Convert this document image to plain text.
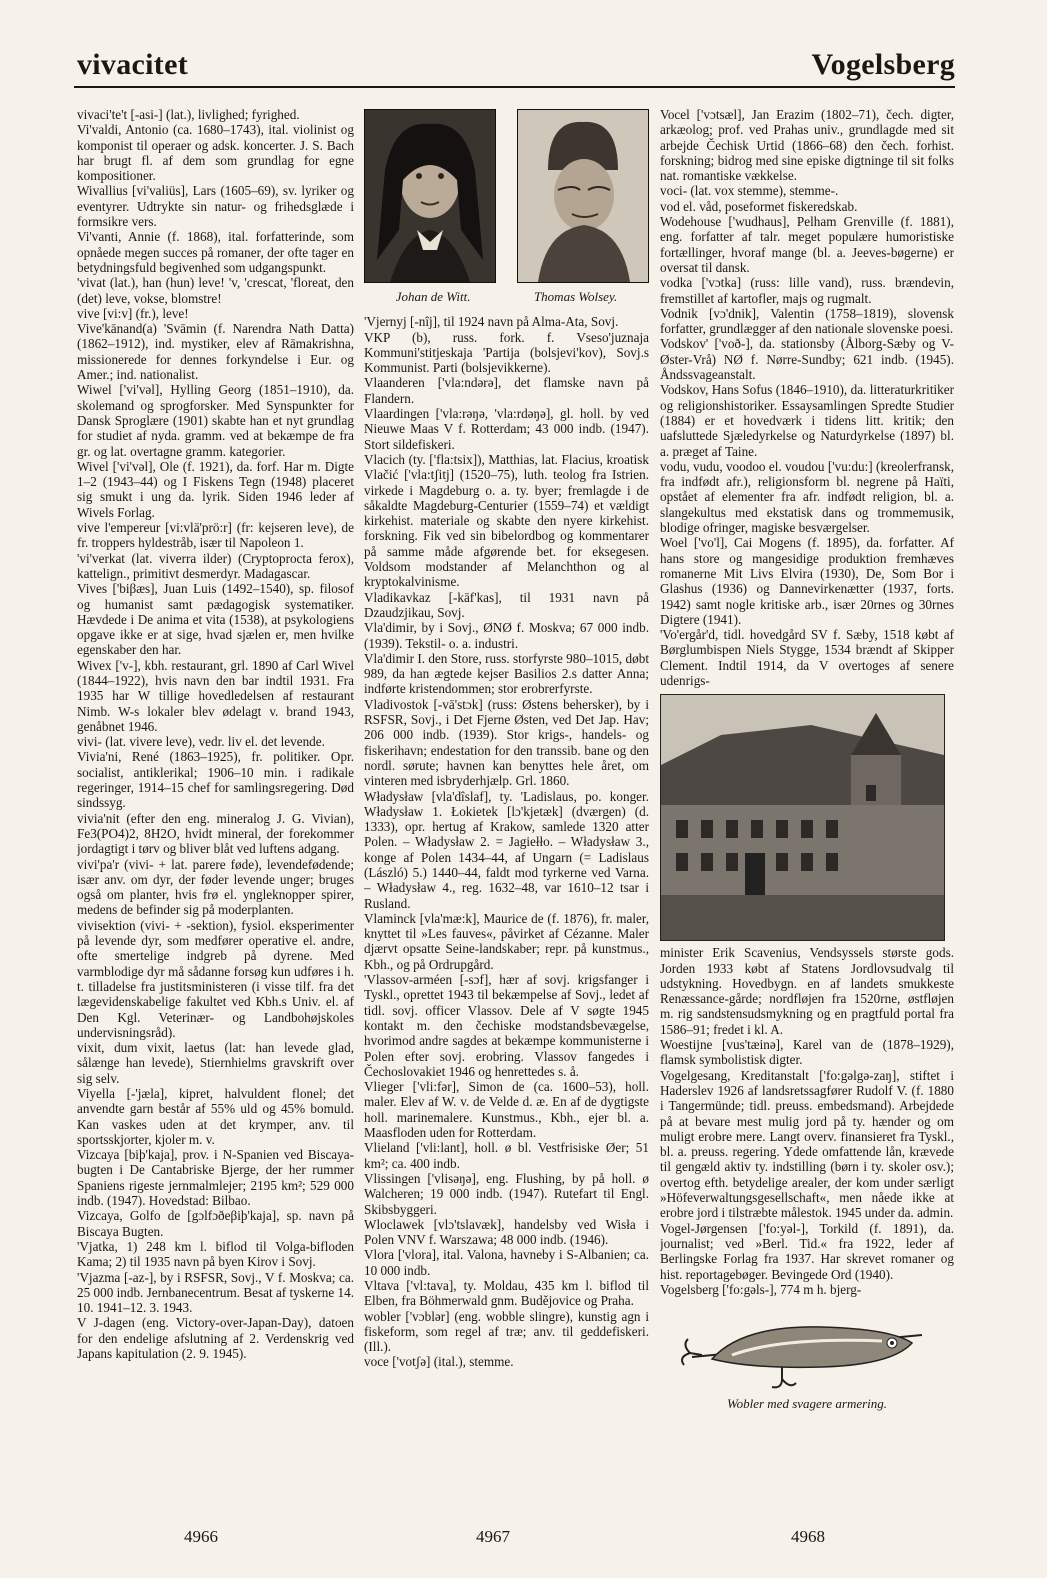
vivacitet	Vogelsberg

vivaci'te't [-asi-] (lat.), livlighed; fyrighed.

Vi'valdi, Antonio (ca. 1680–1743), ital. violinist og komponist til operaer og adsk. koncerter. J. S. Bach har brugt fl. af dem som grundlag for egne kompositioner.

Wivallius [vi'valiüs], Lars (1605–69), sv. lyriker og eventyrer. Udtrykte sin natur- og frihedsglæde i formsikre vers.

Vi'vanti, Annie (f. 1868), ital. forfatterinde, som opnåede megen succes på romaner, der ofte tager en betydningsfuld begivenhed som udgangspunkt.

'vivat (lat.), han (hun) leve! 'v, 'crescat, 'floreat, den (det) leve, vokse, blomstre!

vive [vi:v] (fr.), leve!

Vive'kānand(a) 'Svāmin (f. Narendra Nath Datta) (1862–1912), ind. mystiker, elev af Rāmakrishna, missionerede for dennes forkyndelse i Eur. og Amer.; ind. nationalist.

Wiwel ['vi'vəl], Hylling Georg (1851–1910), da. skolemand og sprogforsker. Med Synspunkter for Dansk Sproglære (1901) skabte han et nyt grundlag for studiet af nyda. gramm. ved at bekæmpe de fra gr. og lat. overtagne gramm. kategorier.

Wivel ['vi'vəl], Ole (f. 1921), da. forf. Har m. Digte 1–2 (1943–44) og I Fiskens Tegn (1948) placeret sig smukt i ung da. lyrik. Siden 1946 leder af Wivels Forlag.

vive l'empereur [vi:vlā'prö:r] (fr: kejseren leve), de fr. troppers hyldestråb, især til Napoleon 1.

'vi'verkat (lat. viverra ilder) (Cryptoprocta ferox), kattelign., primitivt desmerdyr. Madagascar.

Vives ['biβæs], Juan Luis (1492–1540), sp. filosof og humanist samt pædagogisk systematiker. Hævdede i De anima et vita (1538), at psykologiens opgave ikke er at sige, hvad sjælen er, men hvilke egenskaber den har.

Wivex ['v-], kbh. restaurant, grl. 1890 af Carl Wivel (1844–1922), hvis navn den bar indtil 1931. Fra 1935 har W tillige hovedledelsen af restaurant Nimb. W-s lokaler blev ødelagt v. brand 1943, genåbnet 1946.

vivi- (lat. vivere leve), vedr. liv el. det levende.

Vivia'ni, René (1863–1925), fr. politiker. Opr. socialist, antiklerikal; 1906–10 min. i radikale regeringer, 1914–15 chef for samlingsregering. Død sindssyg.

vivia'nit (efter den eng. mineralog J. G. Vivian), Fe3(PO4)2, 8H2O, hvidt mineral, der forekommer jordagtigt i tørv og bliver blåt ved luftens adgang.

vivi'pa'r (vivi- + lat. parere føde), levendefødende; især anv. om dyr, der føder levende unger; bruges også om planter, hvis frø el. yngleknopper spirer, medens de befinder sig på moderplanten.

vivisektion (vivi- + -sektion), fysiol. eksperimenter på levende dyr, som medfører operative el. andre, ofte smertelige indgreb på dyrene. Med varmblodige dyr må sådanne forsøg kun udføres i h. t. tilladelse fra justitsministeren (i visse tilf. fra det lægevidenskabelige fakultet ved Kbh.s Univ. el. af Den Kgl. Veterinær- og Landbohøjskoles undervisningsråd).

vixit, dum vixit, laetus (lat: han levede glad, sålænge han levede), Stiernhielms gravskrift over sig selv.

Viyella [-'jæla], kipret, halvuldent flonel; det anvendte garn består af 55% uld og 45% bomuld. Kan vaskes uden at det krymper, anv. til sportsskjorter, kjoler m. v.

Vizcaya [biþ'kaja], prov. i N-Spanien ved Biscaya-bugten i De Cantabriske Bjerge, der her rummer Spaniens rigeste jernmalmlejer; 2195 km²; 529 000 indb. (1947). Hovedstad: Bilbao.

Vizcaya, Golfo de [gɔlfɔðeβiþ'kaja], sp. navn på Biscaya Bugten.

'Vjatka, 1) 248 km l. biflod til Volga-bifloden Kama; 2) til 1935 navn på byen Kirov i Sovj.

'Vjazma [-az-], by i RSFSR, Sovj., V f. Moskva; ca. 25 000 indb. Jernbanecentrum. Besat af tyskerne 14. 10. 1941–12. 3. 1943.

V J-dagen (eng. Victory-over-Japan-Day), datoen for den endelige afslutning af 2. Verdenskrig ved Japans kapitulation (2. 9. 1945).

Johan de Witt.	Thomas Wolsey.

'Vjernyj [-nîj], til 1924 navn på Alma-Ata, Sovj.

VKP (b), russ. fork. f. Vseso'juznaja Kommuni'stitjeskaja 'Partija (bolsjevi'kov), Sovj.s Kommunist. Parti (bolsjevikkerne).

Vlaanderen ['vla:ndərə], det flamske navn på Flandern.

Vlaardingen ['vla:rəŋə, 'vla:rdəŋə], gl. holl. by ved Nieuwe Maas V f. Rotterdam; 43 000 indb. (1947). Stort sildefiskeri.

Vlacich (ty. ['fla:tsix]), Matthias, lat. Flacius, kroatisk Vlačić ['vla:tʃitj] (1520–75), luth. teolog fra Istrien. virkede i Magdeburg o. a. ty. byer; fremlagde i de såkaldte Magdeburg-Centurier (1559–74) et vældigt kirkehist. materiale og skabte den nyere kirkehist. forskning. Fik ved sin bibelordbog og kommentarer på samme måde afgørende bet. for eksegesen. Voldsom modstander af Melanchthon og al kryptokalvinisme.

Vladikavkaz [-kāf'kas], til 1931 navn på Dzaudzjikau, Sovj.

Vla'dimir, by i Sovj., ØNØ f. Moskva; 67 000 indb. (1939). Tekstil- o. a. industri.

Vla'dimir I. den Store, russ. storfyrste 980–1015, døbt 989, da han ægtede kejser Basilios 2.s datter Anna; indførte kristendommen; stor erobrerfyrste.

Vladivostok [-vā'stɔk] (russ: Østens behersker), by i RSFSR, Sovj., i Det Fjerne Østen, ved Det Jap. Hav; 206 000 indb. (1939). Stor krigs-, handels- og fiskerihavn; endestation for den transsib. bane og den nordl. sørute; havnen kan benyttes hele året, om vinteren med isbryderhjælp. Grl. 1860.

Władysław [vla'dîslaf], ty. 'Ladislaus, po. konger. Władysław 1. Łokietek [lɔ'kjetæk] (dværgen) (d. 1333), opr. hertug af Krakow, samlede 1320 atter Polen. – Władysław 2. = Jagiełło. – Władysław 3., konge af Polen 1434–44, af Ungarn (= Ladislaus (László) 5.) 1440–44, faldt mod tyrkerne ved Varna. – Władysław 4., reg. 1632–48, var 1610–12 tsar i Rusland.

Vlaminck [vla'mæ:k], Maurice de (f. 1876), fr. maler, knyttet til »Les fauves«, påvirket af Cézanne. Maler djærvt opsatte Seine-landskaber; repr. på kunstmus., Kbh., og på Ordrupgård.

'Vlassov-arméen [-sɔf], hær af sovj. krigsfanger i Tyskl., oprettet 1943 til bekæmpelse af Sovj., ledet af tidl. sovj. officer Vlassov. Dele af V søgte 1945 kontakt m. den čechiske modstandsbevægelse, hvorimod andre sagdes at bekæmpe kommunisterne i Polen efter sovj. erobring. Vlassov fangedes i Čechoslovakiet 1946 og henrettedes s. å.

Vlieger ['vli:fər], Simon de (ca. 1600–53), holl. maler. Elev af W. v. de Velde d. æ. En af de dygtigste holl. marinemalere. Kunstmus., Kbh., ejer bl. a. Maasfloden uden for Rotterdam.

Vlieland ['vli:lant], holl. ø bl. Vestfrisiske Øer; 51 km²; ca. 400 indb.

Vlissingen ['vlisəŋə], eng. Flushing, by på holl. ø Walcheren; 19 000 indb. (1947). Rutefart til Engl. Skibsbyggeri.

Wloclawek [vlɔ'tslavæk], handelsby ved Wisła i Polen VNV f. Warszawa; 48 000 indb. (1946).

Vlora ['vlora], ital. Valona, havneby i S-Albanien; ca. 10 000 indb.

Vltava ['vl:tava], ty. Moldau, 435 km l. biflod til Elben, fra Böhmerwald gnm. Budějovice og Praha.

wobler ['vɔblər] (eng. wobble slingre), kunstig agn i fiskeform, som regel af træ; anv. til geddefiskeri. (Ill.).

voce ['votʃə] (ital.), stemme.

Vocel ['vɔtsæl], Jan Erazim (1802–71), čech. digter, arkæolog; prof. ved Prahas univ., grundlagde med sit arbejde Čechisk Urtid (1866–68) den čech. forhist. forskning; bidrog med sine episke digtninge til sit folks nat. romantiske vækkelse.

voci- (lat. vox stemme), stemme-.

vod el. våd, poseformet fiskeredskab.

Wodehouse ['wudhaus], Pelham Grenville (f. 1881), eng. forfatter af talr. meget populære humoristiske fortællinger, hvoraf mange (bl. a. Jeeves-bøgerne) er oversat til dansk.

vodka ['vɔtka] (russ: lille vand), russ. brændevin, fremstillet af kartofler, majs og rugmalt.

Vodnik [vɔ'dnik], Valentin (1758–1819), slovensk forfatter, grundlægger af den nationale slovenske poesi.

Vodskov' ['voð-], da. stationsby (Ålborg-Sæby og V-Øster-Vrå) NØ f. Nørre-Sundby; 621 indb. (1945). Åndssvageanstalt.

Vodskov, Hans Sofus (1846–1910), da. litteraturkritiker og religionshistoriker. Essaysamlingen Spredte Studier (1884) er et hovedværk i tidens litt. kritik; den uafsluttede Sjæledyrkelse og Naturdyrkelse (1897) bl. a. præget af Taine.

vodu, vudu, voodoo el. voudou ['vu:du:] (kreolerfransk, fra indfødt afr.), religionsform bl. negrene på Haïti, opstået af elementer fra afr. indfødt religion, bl. a. slangekultus med ekstatisk dans og trommemusik, blodige ofringer, magiske besværgelser.

Woel ['vo'l], Cai Mogens (f. 1895), da. forfatter. Af hans store og mangesidige produktion fremhæves romanerne Mit Livs Elvira (1930), De, Som Bor i Glashus (1936) og Dannevirkenætter (1937, forts. 1942) samt nogle kritiske arb., især 20rnes og 30rnes Digtere (1941).

'Vo'ergår'd, tidl. hovedgård SV f. Sæby, 1518 købt af Børglumbispen Niels Stygge, 1534 brændt af Skipper Clement. Indtil 1914, da V overtoges af senere udenrigs-

minister Erik Scavenius, Vendsyssels største gods. Jorden 1933 købt af Statens Jordlovsudvalg til udstykning. Hovedbygn. en af landets smukkeste Renæssance-gårde; nordfløjen fra 1520rne, østfløjen m. rig sandstensudsmykning og en pragtfuld portal fra 1586–91; fredet i kl. A.

Woestijne [vus'tæinə], Karel van de (1878–1929), flamsk symbolistisk digter.

Vogelgesang, Kreditanstalt ['fo:gəlgə-zaŋ], stiftet i Haderslev 1926 af landsretssagfører Rudolf V. (f. 1880 i Tangermünde; tidl. preuss. embedsmand). Arbejdede på at bevare mest mulig jord på ty. hænder og om muligt erobre mere. Langt overv. finansieret fra Tyskl., bl. a. preuss. regering. Ydede omfattende lån, krævede til gengæld aktiv ty. indstilling (børn i ty. skoler osv.); overtog efth. betydelige arealer, der kom under særligt »Höfeverwaltungsgesellschaft«, men nåede ikke at erobre jord i tilstræbte målestok. 1945 under da. admin.

Vogel-Jørgensen ['fo:yəl-], Torkild (f. 1891), da. journalist; ved »Berl. Tid.« fra 1922, leder af Berlingske Forlag fra 1937. Har skrevet romaner og hist. reportagebøger. Bevingede Ord (1940).

Vogelsberg ['fo:gəls-], 774 m h. bjerg-

Wobler med svagere armering.
4966	4967	4968
